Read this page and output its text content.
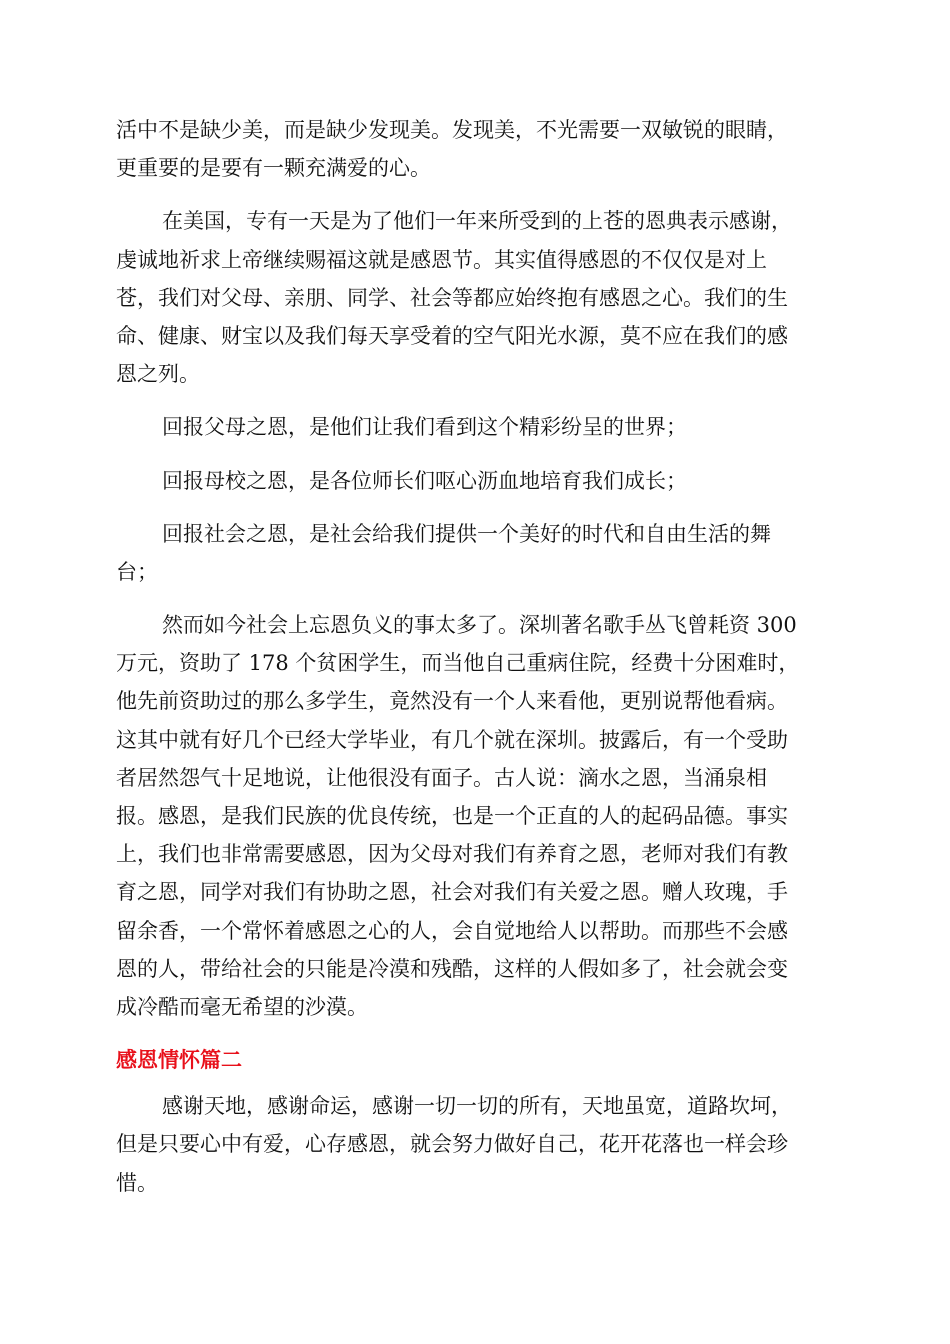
活中不是缺少美，而是缺少发现美。发现美，不光需要一双敏锐的眼睛，
更重要的是要有一颗充满爱的心。
在美国，专有一天是为了他们一年来所受到的上苍的恩典表示感谢，
虔诚地祈求上帝继续赐福这就是感恩节。其实值得感恩的不仅仅是对上
苍，我们对父母、亲朋、同学、社会等都应始终抱有感恩之心。我们的生
命、健康、财宝以及我们每天享受着的空气阳光水源，莫不应在我们的感
恩之列。
回报父母之恩，是他们让我们看到这个精彩纷呈的世界；
回报母校之恩，是各位师长们呕心沥血地培育我们成长；
回报社会之恩，是社会给我们提供一个美好的时代和自由生活的舞
台；
然而如今社会上忘恩负义的事太多了。深圳著名歌手丛飞曾耗资 300
万元，资助了 178 个贫困学生，而当他自己重病住院，经费十分困难时，
他先前资助过的那么多学生，竟然没有一个人来看他，更别说帮他看病。
这其中就有好几个已经大学毕业，有几个就在深圳。披露后，有一个受助
者居然怨气十足地说，让他很没有面子。古人说：滴水之恩，当涌泉相
报。感恩，是我们民族的优良传统，也是一个正直的人的起码品德。事实
上，我们也非常需要感恩，因为父母对我们有养育之恩，老师对我们有教
育之恩，同学对我们有协助之恩，社会对我们有关爱之恩。赠人玫瑰，手
留余香，一个常怀着感恩之心的人，会自觉地给人以帮助。而那些不会感
恩的人，带给社会的只能是冷漠和残酷，这样的人假如多了，社会就会变
成冷酷而毫无希望的沙漠。
感恩情怀篇二
感谢天地，感谢命运，感谢一切一切的所有，天地虽宽，道路坎坷，
但是只要心中有爱，心存感恩，就会努力做好自己，花开花落也一样会珍
惜。
